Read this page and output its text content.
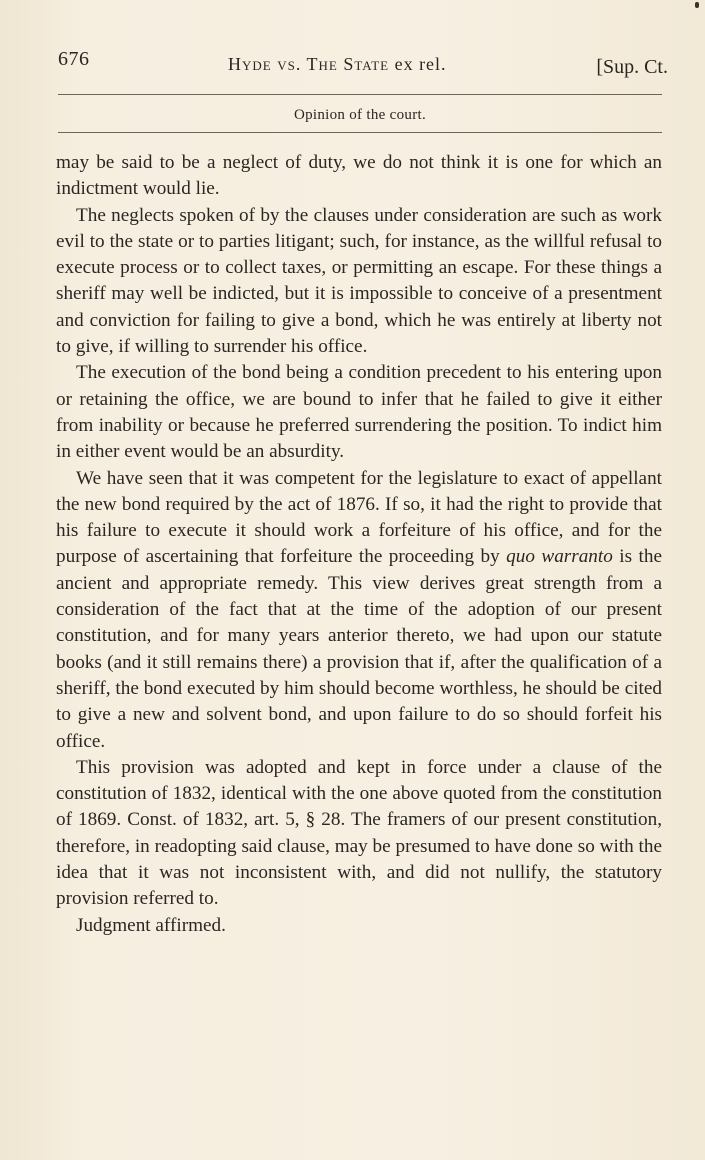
676	Hyde vs. The State ex rel.	[Sup. Ct.
Opinion of the court.

may be said to be a neglect of duty, we do not think it is one for which an indictment would lie.

The neglects spoken of by the clauses under consideration are such as work evil to the state or to parties litigant; such, for instance, as the willful refusal to execute process or to collect taxes, or permitting an escape. For these things a sheriff may well be indicted, but it is impossible to conceive of a presentment and conviction for failing to give a bond, which he was entirely at liberty not to give, if willing to surrender his office.

The execution of the bond being a condition precedent to his entering upon or retaining the office, we are bound to infer that he failed to give it either from inability or because he preferred surrendering the position. To indict him in either event would be an absurdity.

We have seen that it was competent for the legislature to exact of appellant the new bond required by the act of 1876. If so, it had the right to provide that his failure to execute it should work a forfeiture of his office, and for the purpose of ascertaining that forfeiture the proceeding by quo warranto is the ancient and appropriate remedy. This view derives great strength from a consideration of the fact that at the time of the adoption of our present constitution, and for many years anterior thereto, we had upon our statute books (and it still remains there) a provision that if, after the qualification of a sheriff, the bond executed by him should become worthless, he should be cited to give a new and solvent bond, and upon failure to do so should forfeit his office.

This provision was adopted and kept in force under a clause of the constitution of 1832, identical with the one above quoted from the constitution of 1869. Const. of 1832, art. 5, § 28. The framers of our present constitution, therefore, in readopting said clause, may be presumed to have done so with the idea that it was not inconsistent with, and did not nullify, the statutory provision referred to.

Judgment affirmed.
